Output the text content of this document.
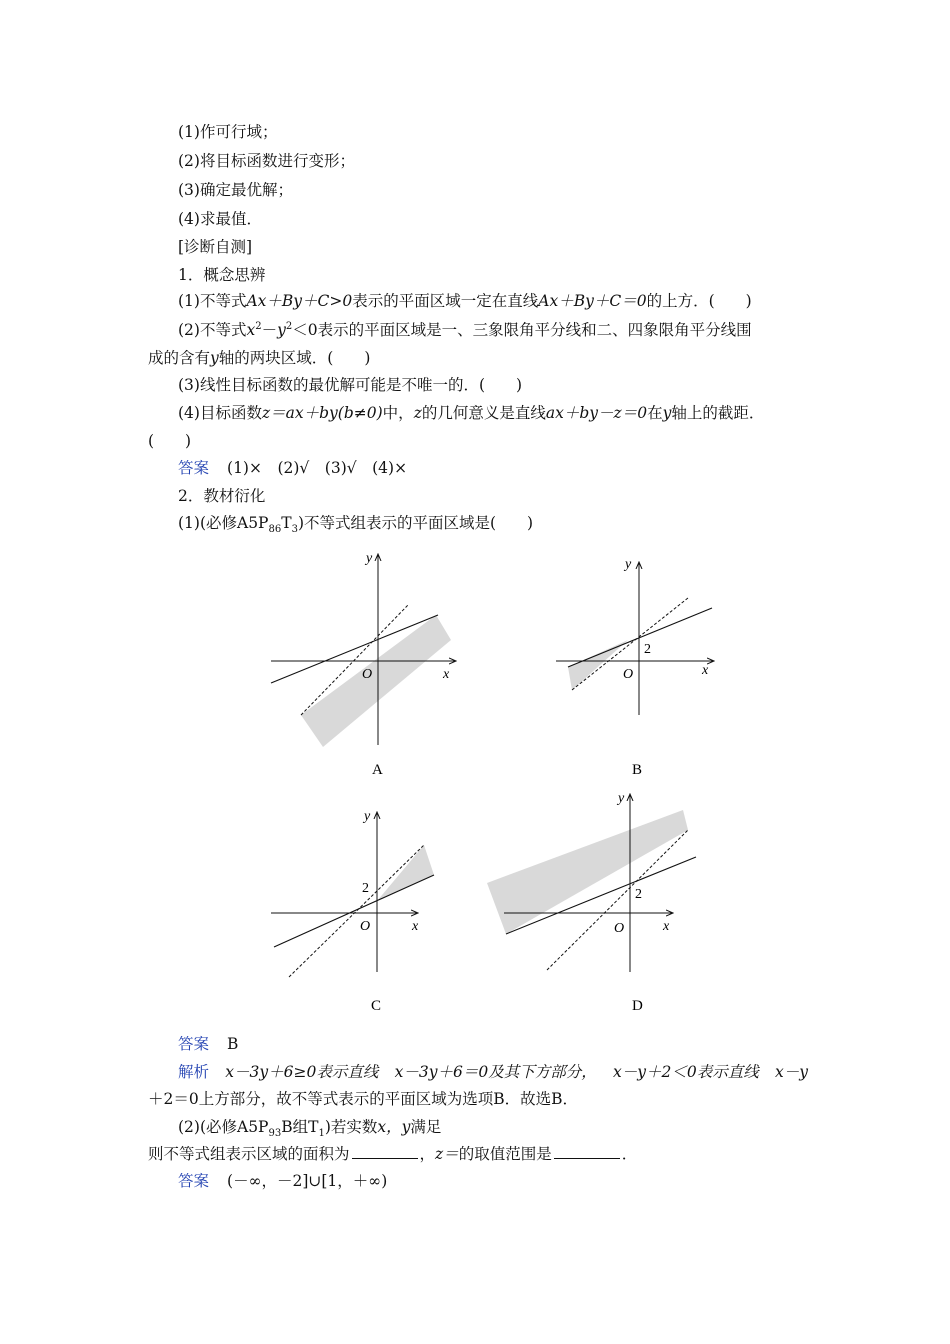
(1)作可行域；
(2)将目标函数进行变形；
(3)确定最优解；
(4)求最值．
[诊断自测]
1．概念思辨
(1)不等式Ax＋By＋C>0表示的平面区域一定在直线Ax＋By＋C＝0的上方．(　　)
(2)不等式$x^2-y^2<0$表示的平面区域是一、三象限角平分线和二、四象限角平分线围
成的含有y轴的两块区域．(　　)
(3)线性目标函数的最优解可能是不唯一的．(　　)
(4)目标函数z＝ax＋by(b≠0)中，z的几何意义是直线ax＋by－z＝0在y轴上的截距．
(　　)
答案 (1)×　(2)√　(3)√　(4)×
2．教材衍化
(1)(必修$A5P_{86}T_3$)不等式组表示的平面区域是(　　)
y
x
O
A
y
x
O
2
B
y
x
O
2
C
y
x
O
2
D
答案 B
解析 x－3y＋6≥0表示直线 x－3y＋6＝0及其下方部分， x－y＋2＜0表示直线 x－y
＋2＝0上方部分，故不等式表示的平面区域为选项B．故选B．
(2)(必修$A5P_{93}B$组$T_1$)若实数x，y满足
则不等式组表示区域的面积为	，z＝的取值范围是	．
答案 (－∞，－2]∪[1，＋∞)
